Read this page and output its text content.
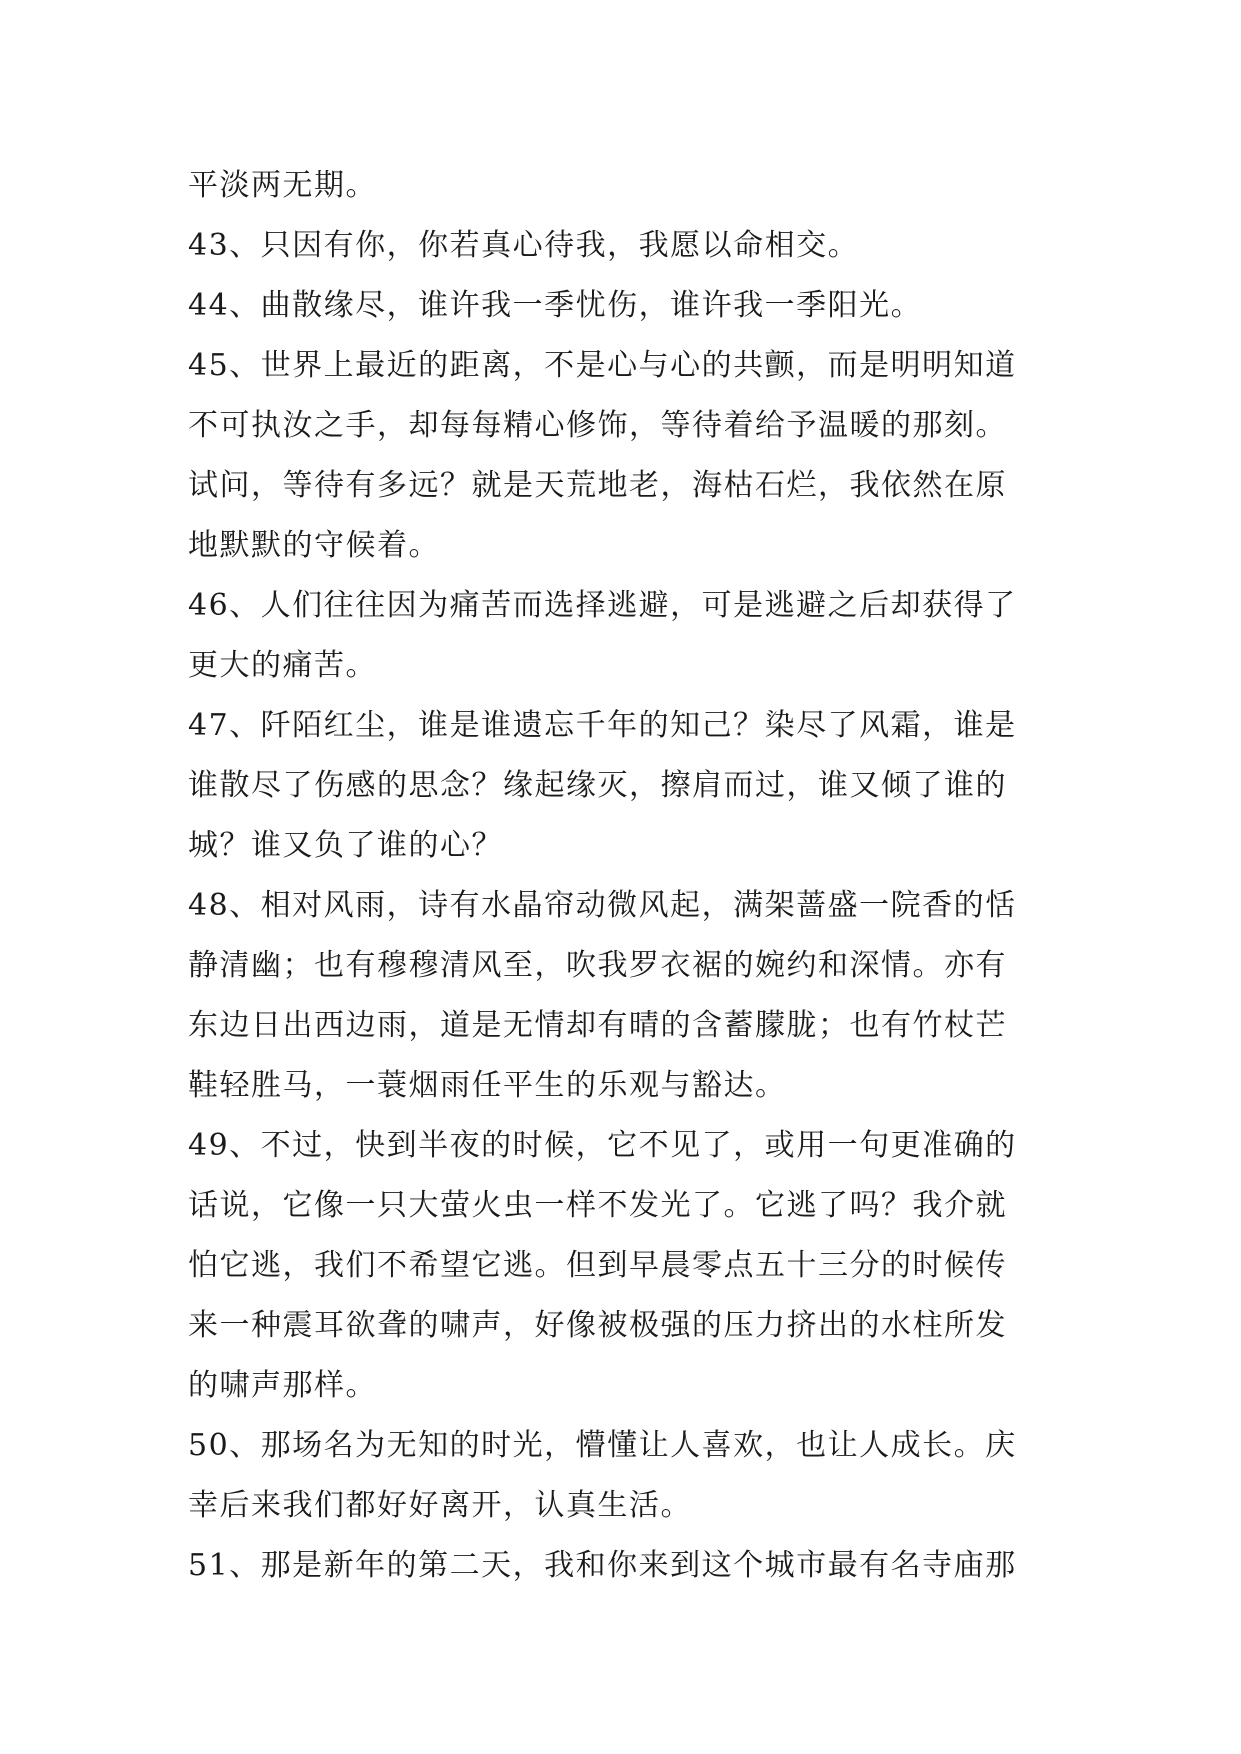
平淡两无期。
43、只因有你，你若真心待我，我愿以命相交。
44、曲散缘尽，谁许我一季忧伤，谁许我一季阳光。
45、世界上最近的距离，不是心与心的共颤，而是明明知道
不可执汝之手，却每每精心修饰，等待着给予温暖的那刻。
试问，等待有多远？就是天荒地老，海枯石烂，我依然在原
地默默的守候着。
46、人们往往因为痛苦而选择逃避，可是逃避之后却获得了
更大的痛苦。
47、阡陌红尘，谁是谁遗忘千年的知己？染尽了风霜，谁是
谁散尽了伤感的思念？缘起缘灭，擦肩而过，谁又倾了谁的
城？谁又负了谁的心？
48、相对风雨，诗有水晶帘动微风起，满架蔷盛一院香的恬
静清幽；也有穆穆清风至，吹我罗衣裾的婉约和深情。亦有
东边日出西边雨，道是无情却有晴的含蓄朦胧；也有竹杖芒
鞋轻胜马，一蓑烟雨任平生的乐观与豁达。
49、不过，快到半夜的时候，它不见了，或用一句更准确的
话说，它像一只大萤火虫一样不发光了。它逃了吗？我介就
怕它逃，我们不希望它逃。但到早晨零点五十三分的时候传
来一种震耳欲聋的啸声，好像被极强的压力挤出的水柱所发
的啸声那样。
50、那场名为无知的时光，懵懂让人喜欢，也让人成长。庆
幸后来我们都好好离开，认真生活。
51、那是新年的第二天，我和你来到这个城市最有名寺庙那
